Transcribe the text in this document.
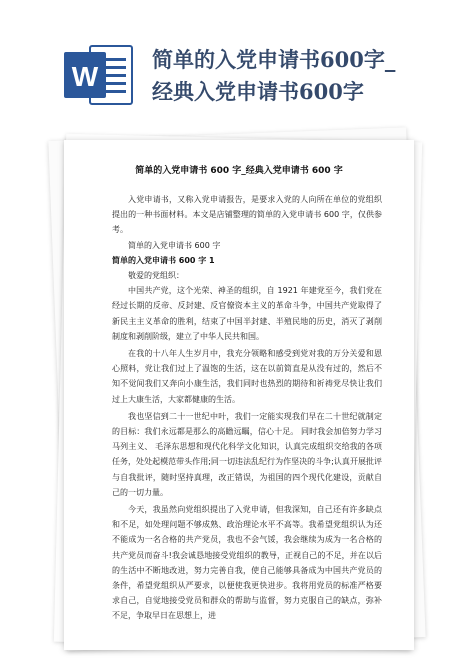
W
简单的入党申请书600字_
经典入党申请书600字
简单的入党申请书 600 字_经典入党申请书 600 字

入党申请书，又称入党申请报告，是要求入党的人向所在单位的党组织提出的一种书面材料。本文是店铺整理的简单的入党申请书 600 字，仅供参考。

简单的入党申请书 600 字

简单的入党申请书 600 字 1

敬爱的党组织：

中国共产党，这个光荣、神圣的组织，自 1921 年建党至今，我们党在经过长期的反帝、反封建、反官僚资本主义的革命斗争，中国共产党取得了新民主主义革命的胜利，结束了中国半封建、半殖民地的历史，消灭了剥削制度和剥削阶级，建立了中华人民共和国。

在我的十八年人生岁月中，我充分领略和感受到党对我的万分关爱和恩心照料，党让我们过上了温饱的生活，这在以前简直是从没有过的，然后不知不觉间我们又奔向小康生活，我们同时也热烈的期待和祈祷党尽快让我们过上大康生活，大家都健康的生活。

我也坚信到二十一世纪中叶，我们一定能实现我们早在二十世纪就制定的目标：我们永远都是那么的高瞻远瞩，信心十足。 同时我会加倍努力学习马列主义、 毛泽东思想和现代化科学文化知识，认真完成组织交给我的各项任务，处处起模范带头作用;同一切违法乱纪行为作坚决的斗争;认真开展批评与自我批评，随时坚持真理，改正错误，为祖国的四个现代化建设，贡献自己的一切力量。

今天，我虽然向党组织提出了入党申请，但我深知，自己还有许多缺点和不足，如处理问题不够成熟、政治理论水平不高等。我希望党组织认为还不能成为一名合格的共产党员，我也不会气馁，我会继续为成为一名合格的共产党员而奋斗!我会诚恳地接受党组织的教导，正视自己的不足，并在以后的生活中不断地改进，努力完善自我，使自己能够具备成为中国共产党员的条件，希望党组织从严要求，以便使我更快进步。我将用党员的标准严格要求自己，自觉地接受党员和群众的帮助与监督，努力克服自己的缺点，弥补不足，争取早日在思想上，进
